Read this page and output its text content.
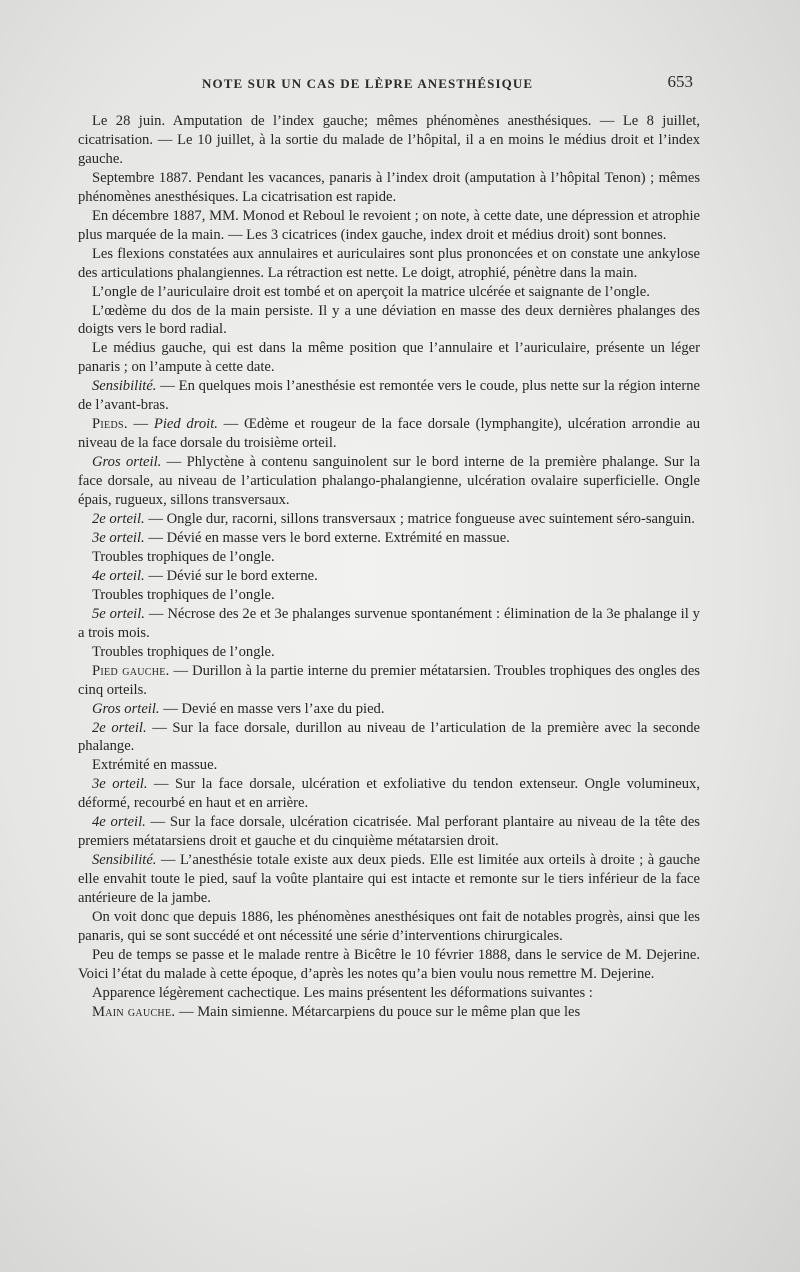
NOTE SUR UN CAS DE LÈPRE ANESTHÉSIQUE	653

Le 28 juin. Amputation de l’index gauche; mêmes phénomènes anesthésiques. — Le 8 juillet, cicatrisation. — Le 10 juillet, à la sortie du malade de l’hôpital, il a en moins le médius droit et l’index gauche.

Septembre 1887. Pendant les vacances, panaris à l’index droit (amputation à l’hôpital Tenon) ; mêmes phénomènes anesthésiques. La cicatrisation est rapide.

En décembre 1887, MM. Monod et Reboul le revoient ; on note, à cette date, une dépression et atrophie plus marquée de la main. — Les 3 cicatrices (index gauche, index droit et médius droit) sont bonnes.

Les flexions constatées aux annulaires et auriculaires sont plus prononcées et on constate une ankylose des articulations phalangiennes. La rétraction est nette. Le doigt, atrophié, pénètre dans la main.

L’ongle de l’auriculaire droit est tombé et on aperçoit la matrice ulcérée et saignante de l’ongle.

L’œdème du dos de la main persiste. Il y a une déviation en masse des deux dernières phalanges des doigts vers le bord radial.

Le médius gauche, qui est dans la même position que l’annulaire et l’auriculaire, présente un léger panaris ; on l’ampute à cette date.

Sensibilité. — En quelques mois l’anesthésie est remontée vers le coude, plus nette sur la région interne de l’avant-bras.

Pieds. — Pied droit. — Œdème et rougeur de la face dorsale (lymphangite), ulcération arrondie au niveau de la face dorsale du troisième orteil.

Gros orteil. — Phlyctène à contenu sanguinolent sur le bord interne de la première phalange. Sur la face dorsale, au niveau de l’articulation phalango-phalangienne, ulcération ovalaire superficielle. Ongle épais, rugueux, sillons transversaux.

2e orteil. — Ongle dur, racorni, sillons transversaux ; matrice fongueuse avec suintement séro-sanguin.

3e orteil. — Dévié en masse vers le bord externe. Extrémité en massue.

Troubles trophiques de l’ongle.

4e orteil. — Dévié sur le bord externe.

Troubles trophiques de l’ongle.

5e orteil. — Nécrose des 2e et 3e phalanges survenue spontanément : élimination de la 3e phalange il y a trois mois.

Troubles trophiques de l’ongle.

Pied gauche. — Durillon à la partie interne du premier métatarsien. Troubles trophiques des ongles des cinq orteils.

Gros orteil. — Devié en masse vers l’axe du pied.

2e orteil. — Sur la face dorsale, durillon au niveau de l’articulation de la première avec la seconde phalange.

Extrémité en massue.

3e orteil. — Sur la face dorsale, ulcération et exfoliative du tendon extenseur. Ongle volumineux, déformé, recourbé en haut et en arrière.

4e orteil. — Sur la face dorsale, ulcération cicatrisée. Mal perforant plantaire au niveau de la tête des premiers métatarsiens droit et gauche et du cinquième métatarsien droit.

Sensibilité. — L’anesthésie totale existe aux deux pieds. Elle est limitée aux orteils à droite ; à gauche elle envahit toute le pied, sauf la voûte plantaire qui est intacte et remonte sur le tiers inférieur de la face antérieure de la jambe.

On voit donc que depuis 1886, les phénomènes anesthésiques ont fait de notables progrès, ainsi que les panaris, qui se sont succédé et ont nécessité une série d’interventions chirurgicales.

Peu de temps se passe et le malade rentre à Bicêtre le 10 février 1888, dans le service de M. Dejerine. Voici l’état du malade à cette époque, d’après les notes qu’a bien voulu nous remettre M. Dejerine.

Apparence légèrement cachectique. Les mains présentent les déformations suivantes :

Main gauche. — Main simienne. Métarcarpiens du pouce sur le même plan que les
